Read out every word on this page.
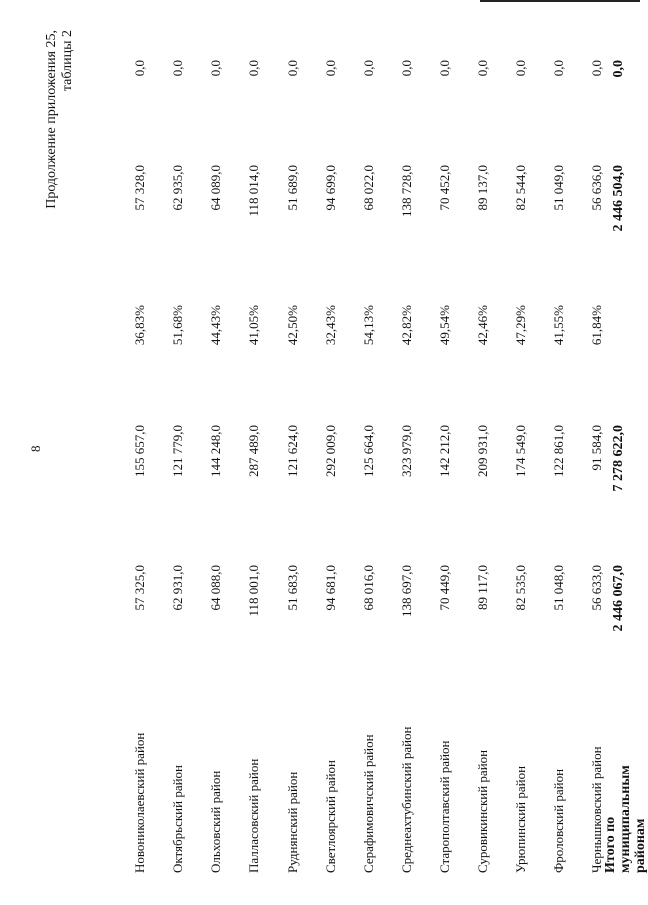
8
Продолжение приложения 25, таблицы 2
Новониколаевский район
57 325,0
155 657,0
36,83%
57 328,0
0,0
Октябрьский район
62 931,0
121 779,0
51,68%
62 935,0
0,0
Ольховский район
64 088,0
144 248,0
44,43%
64 089,0
0,0
Палласовский район
118 001,0
287 489,0
41,05%
118 014,0
0,0
Руднянский район
51 683,0
121 624,0
42,50%
51 689,0
0,0
Светлоярский район
94 681,0
292 009,0
32,43%
94 699,0
0,0
Серафимовичский район
68 016,0
125 664,0
54,13%
68 022,0
0,0
Среднеахтубинский район
138 697,0
323 979,0
42,82%
138 728,0
0,0
Старополтавский район
70 449,0
142 212,0
49,54%
70 452,0
0,0
Суровикинский район
89 117,0
209 931,0
42,46%
89 137,0
0,0
Урюпинский район
82 535,0
174 549,0
47,29%
82 544,0
0,0
Фроловский район
51 048,0
122 861,0
41,55%
51 049,0
0,0
Чернышковский район
56 633,0
91 584,0
61,84%
56 636,0
0,0
Итого по муниципальным районам
2 446 067,0
7 278 622,0
2 446 504,0
0,0
